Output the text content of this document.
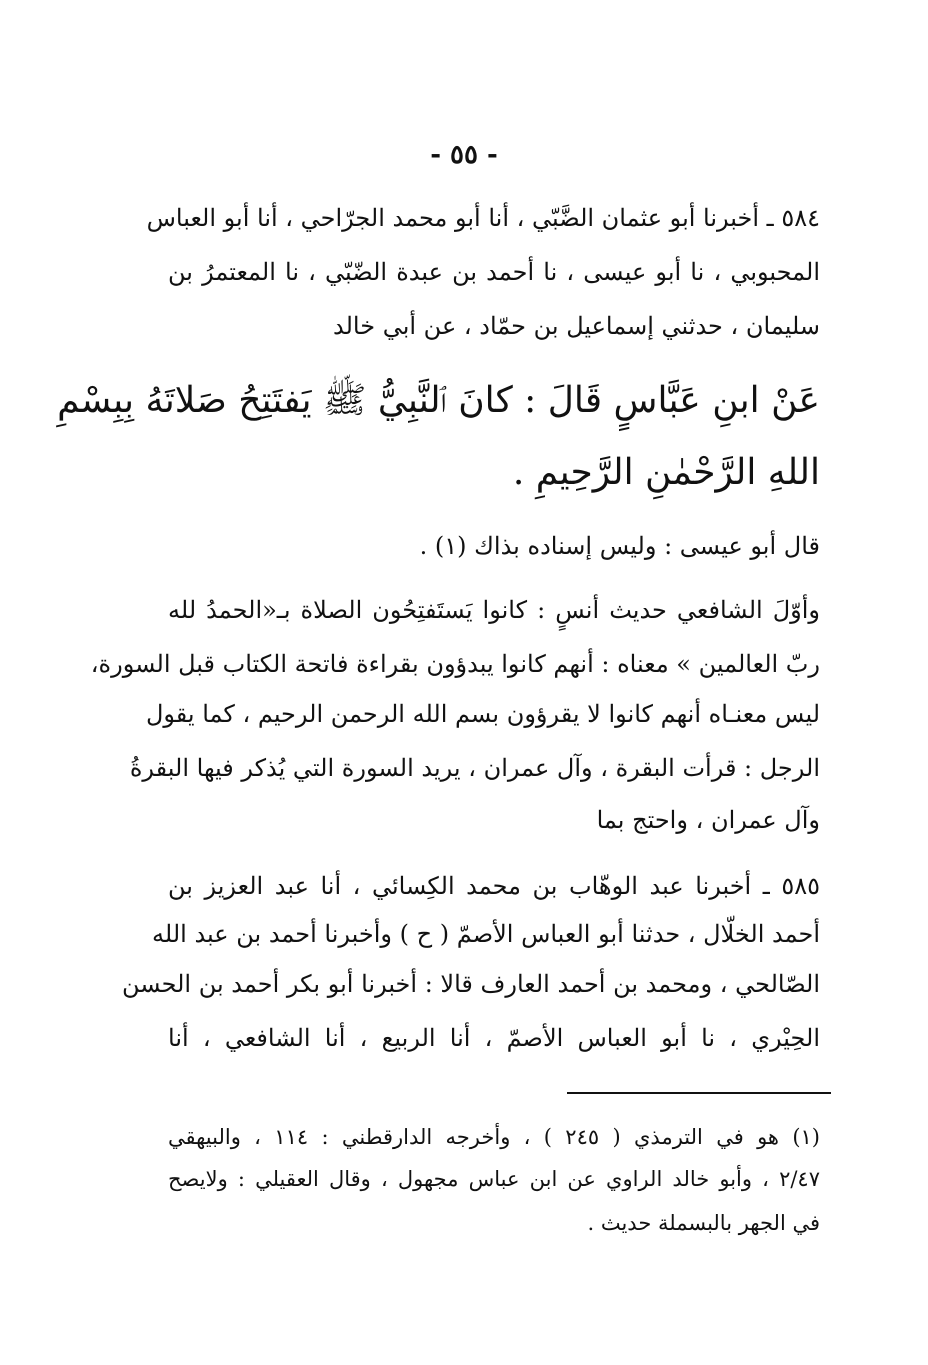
- ٥٥ -
٥٨٤ ـ أخبرنا أبو عثمان الضَّبّي ، أنا أبو محمد الجرّاحي ، أنا أبو العباس
المحبوبي ، نا أبو عيسى ، نا أحمد بن عبدة الضّبّي ، نا المعتمرُ بن
سليمان ، حدثني إسماعيل بن حمّاد ، عن أبي خالد
عَنْ ابنِ عَبَّاسٍ قَالَ : كانَ ٱلنَّبِيُّ ﷺ يَفتَتِحُ صَلاتَهُ بِبِسْمِ
اللهِ الرَّحْمٰنِ الرَّحِيمِ .
قال أبو عيسى : وليس إسناده بذاك (١) .
وأوّلَ الشافعي حديث أنسٍ : كانوا يَستَفتِحُون الصلاة بـ«الحمدُ لله
ربّ العالمين » معناه : أنهم كانوا يبدؤون بقراءة فاتحة الكتاب قبل السورة،
ليس معنـاه أنهم كانوا لا يقرؤون بسم الله الرحمن الرحيم ، كما يقول
الرجل : قرأت البقرة ، وآل عمران ، يريد السورة التي يُذكر فيها البقرةُ
وآل عمران ، واحتج بما
٥٨٥ ـ أخبرنا عبد الوهّاب بن محمد الكِسائي ، أنا عبد العزيز بن
أحمد الخلّال ، حدثنا أبو العباس الأصمّ ( ح ) وأخبرنا أحمد بن عبد الله
الصّالحي ، ومحمد بن أحمد العارف قالا : أخبرنا أبو بكر أحمد بن الحسن
الحِيْري ، نا أبو العباس الأصمّ ، أنا الربيع ، أنا الشافعي ، أنا
(١) هو في الترمذي ( ٢٤٥ ) ، وأخرجه الدارقطني : ١١٤ ، والبيهقي
٢/٤٧ ، وأبو خالد الراوي عن ابن عباس مجهول ، وقال العقيلي : ولايصح
في الجهر بالبسملة حديث .
